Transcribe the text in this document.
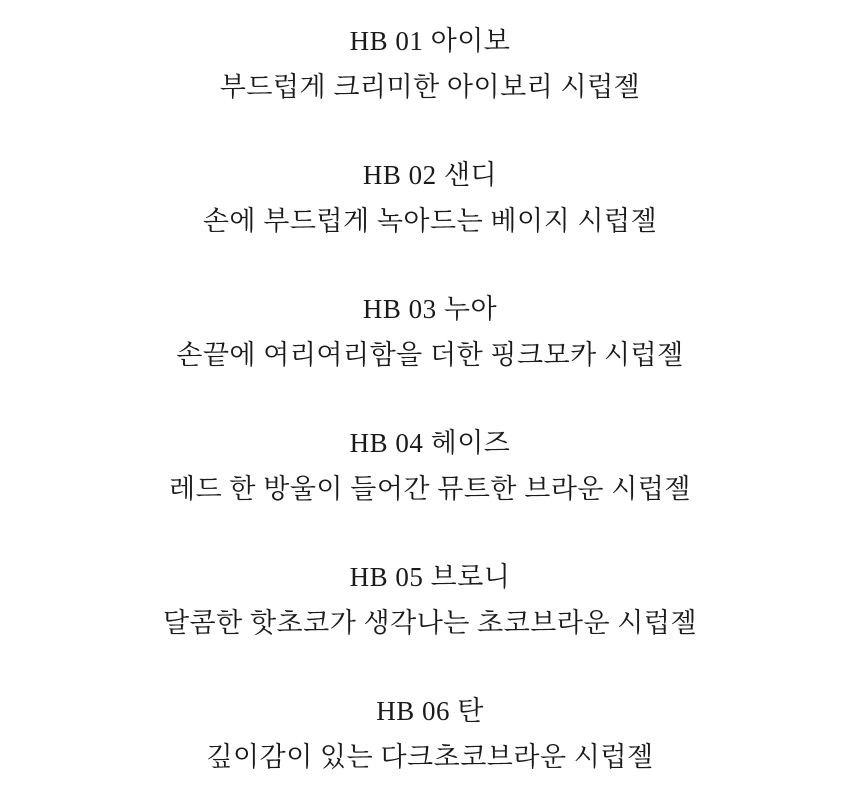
HB 01 아이보

부드럽게 크리미한 아이보리 시럽젤

HB 02 샌디

손에 부드럽게 녹아드는 베이지 시럽젤

HB 03 누아

손끝에 여리여리함을 더한 핑크모카 시럽젤

HB 04 헤이즈

레드 한 방울이 들어간 뮤트한 브라운 시럽젤

HB 05 브로니

달콤한 핫초코가 생각나는 초코브라운 시럽젤

HB 06 탄

깊이감이 있는 다크초코브라운 시럽젤
